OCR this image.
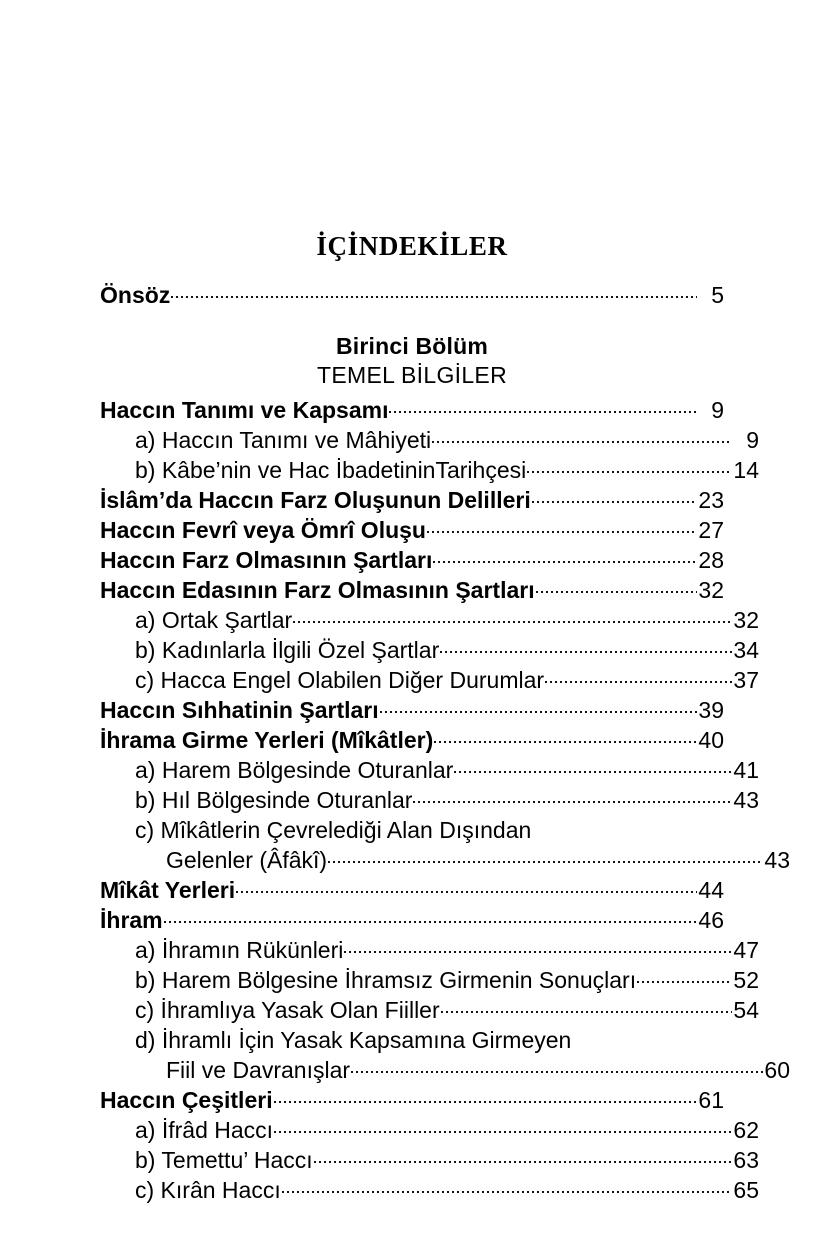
İÇİNDEKİLER
Önsöz	5
Birinci Bölüm
TEMEL BİLGİLER
Haccın Tanımı ve Kapsamı	9
a) Haccın Tanımı ve Mâhiyeti	9
b) Kâbe’nin ve Hac İbadetininTarihçesi	14
İslâm’da Haccın Farz Oluşunun Delilleri	23
Haccın Fevrî veya Ömrî Oluşu	27
Haccın Farz Olmasının Şartları	28
Haccın Edasının Farz Olmasının Şartları	32
a) Ortak Şartlar	32
b) Kadınlarla İlgili Özel Şartlar	34
c) Hacca Engel Olabilen Diğer Durumlar	37
Haccın Sıhhatinin Şartları	39
İhrama Girme Yerleri (Mîkâtler)	40
a) Harem Bölgesinde Oturanlar	41
b) Hıl Bölgesinde Oturanlar	43
c) Mîkâtlerin Çevrelediği Alan Dışından
Gelenler (Âfâkî)	43
Mîkât Yerleri	44
İhram	46
a) İhramın Rükünleri	47
b) Harem Bölgesine İhramsız Girmenin Sonuçları	52
c) İhramlıya Yasak Olan Fiiller	54
d) İhramlı İçin Yasak Kapsamına Girmeyen
Fiil ve Davranışlar	60
Haccın Çeşitleri	61
a) İfrâd Haccı	62
b) Temettu’ Haccı	63
c) Kırân Haccı	65
